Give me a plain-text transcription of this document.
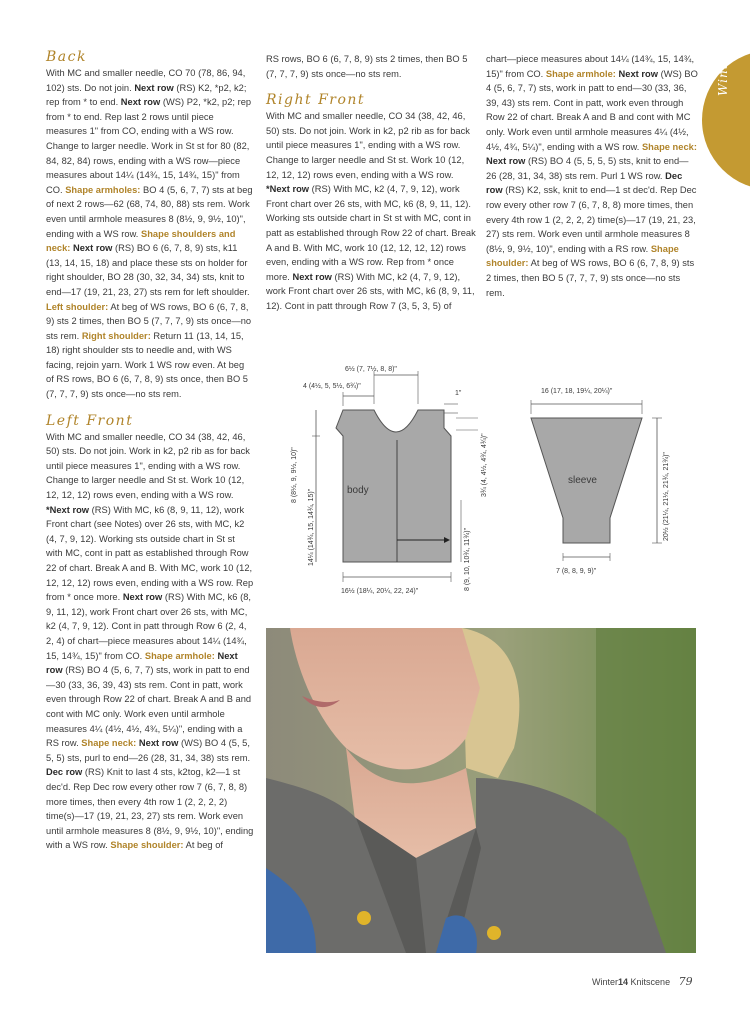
Winter
Back

With MC and smaller needle, CO 70 (78, 86, 94, 102) sts. Do not join. Next row (RS) K2, *p2, k2; rep from * to end. Next row (WS) P2, *k2, p2; rep from * to end. Rep last 2 rows until piece measures 1" from CO, ending with a WS row. Change to larger needle. Work in St st for 80 (82, 84, 82, 84) rows, ending with a WS row—piece measures about 14¼ (14¾, 15, 14¾, 15)" from CO. Shape armholes: BO 4 (5, 6, 7, 7) sts at beg of next 2 rows—62 (68, 74, 80, 88) sts rem. Work even until armhole measures 8 (8½, 9, 9½, 10)", ending with a WS row. Shape shoulders and neck: Next row (RS) BO 6 (6, 7, 8, 9) sts, k11 (13, 14, 15, 18) and place these sts on holder for right shoulder, BO 28 (30, 32, 34, 34) sts, knit to end—17 (19, 21, 23, 27) sts rem for left shoulder. Left shoulder: At beg of WS rows, BO 6 (6, 7, 8, 9) sts 2 times, then BO 5 (7, 7, 7, 9) sts once—no sts rem. Right shoulder: Return 11 (13, 14, 15, 18) right shoulder sts to needle and, with WS facing, rejoin yarn. Work 1 WS row even. At beg of RS rows, BO 6 (6, 7, 8, 9) sts once, then BO 5 (7, 7, 7, 9) sts once—no sts rem.

Left Front

With MC and smaller needle, CO 34 (38, 42, 46, 50) sts. Do not join. Work in k2, p2 rib as for back until piece measures 1", ending with a WS row. Change to larger needle and St st. Work 10 (12, 12, 12, 12) rows even, ending with a WS row. *Next row (RS) With MC, k6 (8, 9, 11, 12), work Front chart (see Notes) over 26 sts, with MC, k2 (4, 7, 9, 12). Working sts outside chart in St st with MC, cont in patt as established through Row 22 of chart. Break A and B. With MC, work 10 (12, 12, 12, 12) rows even, ending with a WS row. Rep from * once more. Next row (RS) With MC, k6 (8, 9, 11, 12), work Front chart over 26 sts, with MC, k2 (4, 7, 9, 12). Cont in patt through Row 6 (2, 4, 2, 4) of chart—piece measures about 14¼ (14¾, 15, 14¾, 15)" from CO. Shape armhole: Next row (RS) BO 4 (5, 6, 7, 7) sts, work in patt to end—30 (33, 36, 39, 43) sts rem. Cont in patt, work even through Row 22 of chart. Break A and B and cont with MC only. Work even until armhole measures 4¼ (4½, 4½, 4¾, 5¼)", ending with a RS row. Shape neck: Next row (WS) BO 4 (5, 5, 5, 5) sts, purl to end—26 (28, 31, 34, 38) sts rem. Dec row (RS) Knit to last 4 sts, k2tog, k2—1 st dec'd. Rep Dec row every other row 7 (6, 7, 8, 8) more times, then every 4th row 1 (2, 2, 2, 2) time(s)—17 (19, 21, 23, 27) sts rem. Work even until armhole measures 8 (8½, 9, 9½, 10)", ending with a WS row. Shape shoulder: At beg of

RS rows, BO 6 (6, 7, 8, 9) sts 2 times, then BO 5 (7, 7, 7, 9) sts once—no sts rem.

Right Front

With MC and smaller needle, CO 34 (38, 42, 46, 50) sts. Do not join. Work in k2, p2 rib as for back until piece measures 1", ending with a WS row. Change to larger needle and St st. Work 10 (12, 12, 12, 12) rows even, ending with a WS row. *Next row (RS) With MC, k2 (4, 7, 9, 12), work Front chart over 26 sts, with MC, k6 (8, 9, 11, 12). Working sts outside chart in St st with MC, cont in patt as established through Row 22 of chart. Break A and B. With MC, work 10 (12, 12, 12, 12) rows even, ending with a WS row. Rep from * once more. Next row (RS) With MC, k2 (4, 7, 9, 12), work Front chart over 26 sts, with MC, k6 (8, 9, 11, 12). Cont in patt through Row 7 (3, 5, 3, 5) of

chart—piece measures about 14¼ (14¾, 15, 14¾, 15)" from CO. Shape armhole: Next row (WS) BO 4 (5, 6, 7, 7) sts, work in patt to end—30 (33, 36, 39, 43) sts rem. Cont in patt, work even through Row 22 of chart. Break A and B and cont with MC only. Work even until armhole measures 4¼ (4½, 4½, 4¾, 5¼)", ending with a WS row. Shape neck: Next row (RS) BO 4 (5, 5, 5, 5) sts, knit to end—26 (28, 31, 34, 38) sts rem. Purl 1 WS row. Dec row (RS) K2, ssk, knit to end—1 st dec'd. Rep Dec row every other row 7 (6, 7, 8, 8) more times, then every 4th row 1 (2, 2, 2, 2) time(s)—17 (19, 21, 23, 27) sts rem. Work even until armhole measures 8 (8½, 9, 9½, 10)", ending with a RS row. Shape shoulder: At beg of WS rows, BO 6 (6, 7, 8, 9) sts 2 times, then BO 5 (7, 7, 7, 9) sts once—no sts rem.

body
6½ (7, 7½, 8, 8)"
4 (4½, 5, 5½, 6¾)"
1"
8 (8½, 9, 9½, 10)"
14¼ (14¾, 15, 14¾, 15)"
3¾ (4, 4½, 4¾, 4¾)"
8 (9, 10, 10¾, 11¾)"
16½ (18¼, 20¼, 22, 24)"
sleeve
16 (17, 18, 19¼, 20¼)"
20½ (21¼, 21½, 21¾, 21¾)"
7 (8, 8, 9, 9)"
Winter14 Knitscene 79
